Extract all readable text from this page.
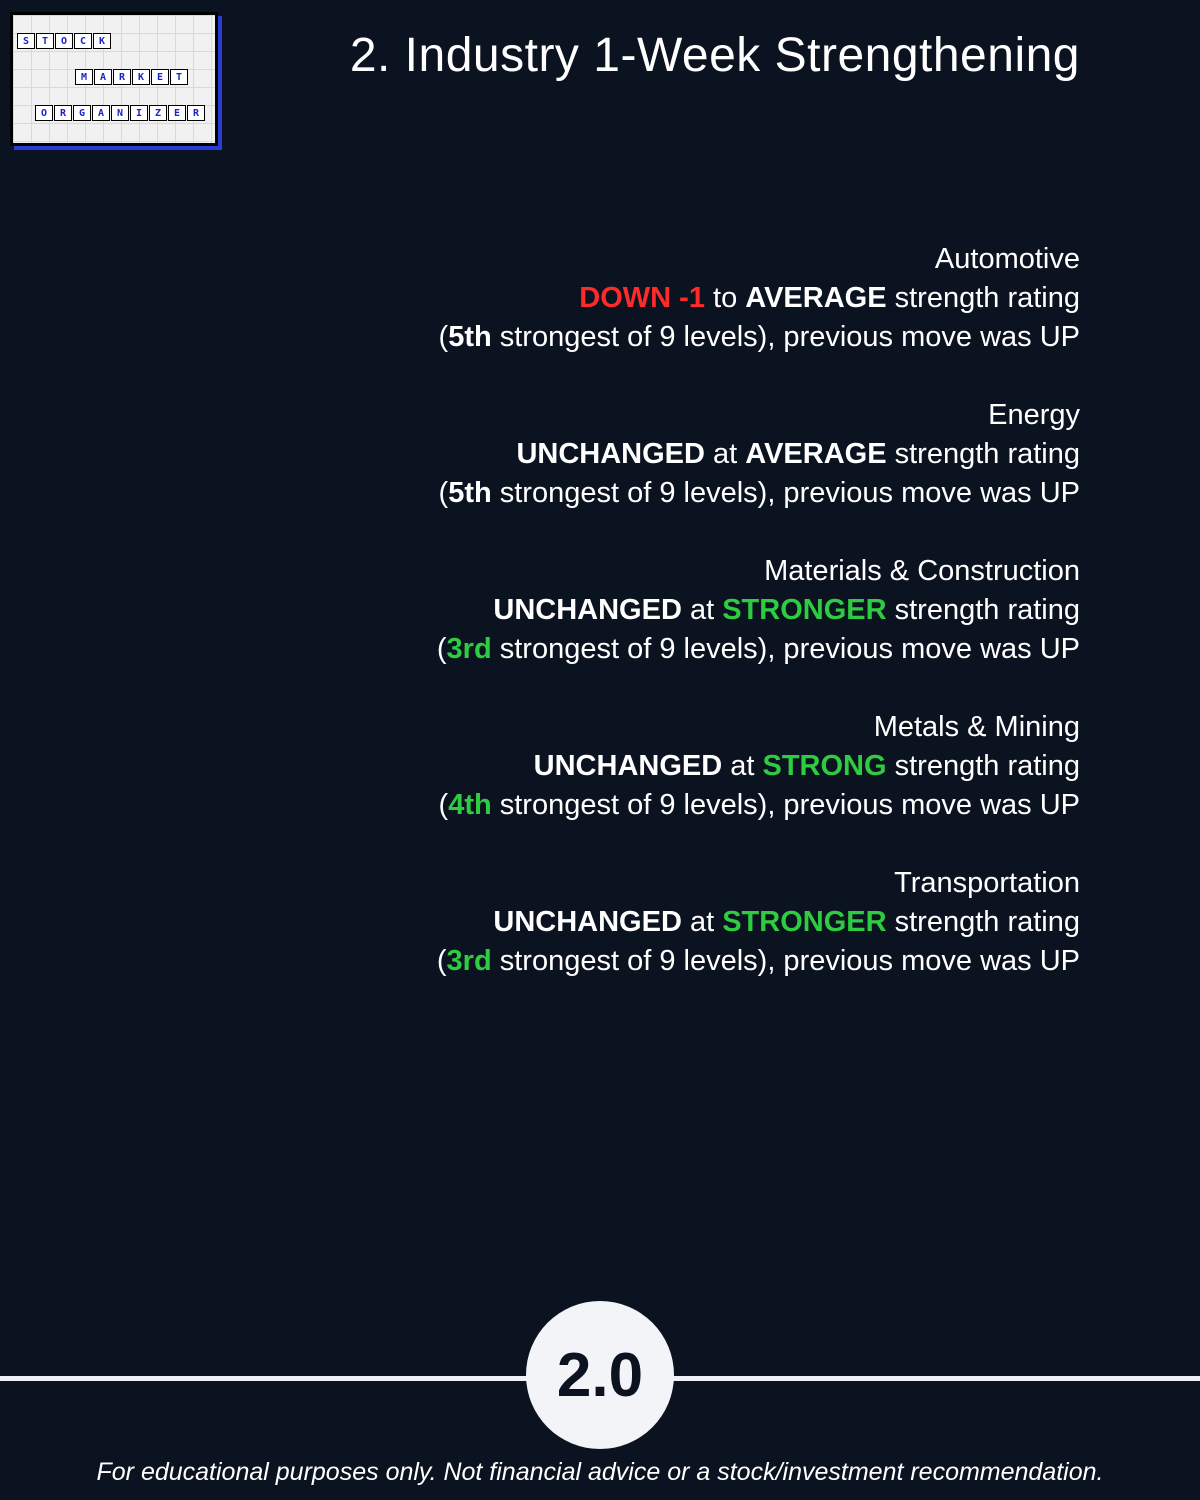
S	T	O	C	K
M	A	R	K	E	T
O	R	G	A	N	I	Z	E	R
2. Industry 1-Week Strengthening
Automotive
DOWN -1 to AVERAGE strength rating
(5th strongest of 9 levels), previous move was UP
Energy
UNCHANGED at AVERAGE strength rating
(5th strongest of 9 levels), previous move was UP
Materials & Construction
UNCHANGED at STRONGER strength rating
(3rd strongest of 9 levels), previous move was UP
Metals & Mining
UNCHANGED at STRONG strength rating
(4th strongest of 9 levels), previous move was UP
Transportation
UNCHANGED at STRONGER strength rating
(3rd strongest of 9 levels), previous move was UP
2.0
For educational purposes only. Not financial advice or a stock/investment recommendation.
